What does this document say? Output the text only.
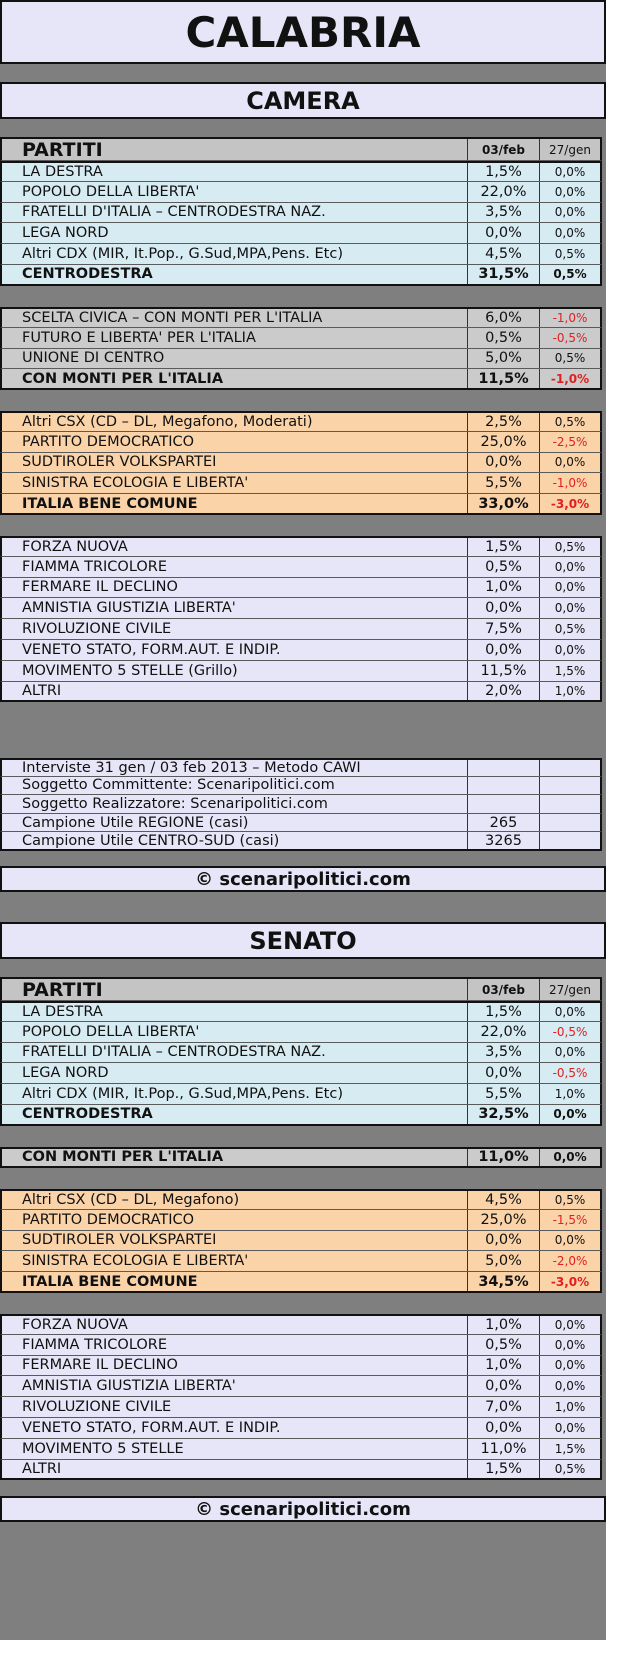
CALABRIA
CAMERA
PARTITI	03/feb	27/gen
LA DESTRA	1,5%	0,0%
POPOLO DELLA LIBERTA'	22,0%	0,0%
FRATELLI D'ITALIA – CENTRODESTRA NAZ.	3,5%	0,0%
LEGA NORD	0,0%	0,0%
Altri CDX (MIR, It.Pop., G.Sud,MPA,Pens. Etc)	4,5%	0,5%
CENTRODESTRA	31,5%	0,5%
SCELTA CIVICA – CON MONTI PER L'ITALIA	6,0%	-1,0%
FUTURO E LIBERTA' PER L'ITALIA	0,5%	-0,5%
UNIONE DI CENTRO	5,0%	0,5%
CON MONTI PER L'ITALIA	11,5%	-1,0%
Altri CSX (CD – DL, Megafono, Moderati)	2,5%	0,5%
PARTITO DEMOCRATICO	25,0%	-2,5%
SUDTIROLER VOLKSPARTEI	0,0%	0,0%
SINISTRA ECOLOGIA E LIBERTA'	5,5%	-1,0%
ITALIA BENE COMUNE	33,0%	-3,0%
FORZA NUOVA	1,5%	0,5%
FIAMMA TRICOLORE	0,5%	0,0%
FERMARE IL DECLINO	1,0%	0,0%
AMNISTIA GIUSTIZIA LIBERTA'	0,0%	0,0%
RIVOLUZIONE CIVILE	7,5%	0,5%
VENETO STATO, FORM.AUT. E INDIP.	0,0%	0,0%
MOVIMENTO 5 STELLE (Grillo)	11,5%	1,5%
ALTRI	2,0%	1,0%
Interviste 31 gen / 03 feb 2013 – Metodo CAWI
Soggetto Committente: Scenaripolitici.com
Soggetto Realizzatore: Scenaripolitici.com
Campione Utile REGIONE (casi)	265
Campione Utile CENTRO-SUD (casi)	3265
© scenaripolitici.com
SENATO
PARTITI	03/feb	27/gen
LA DESTRA	1,5%	0,0%
POPOLO DELLA LIBERTA'	22,0%	-0,5%
FRATELLI D'ITALIA – CENTRODESTRA NAZ.	3,5%	0,0%
LEGA NORD	0,0%	-0,5%
Altri CDX (MIR, It.Pop., G.Sud,MPA,Pens. Etc)	5,5%	1,0%
CENTRODESTRA	32,5%	0,0%
CON MONTI PER L'ITALIA	11,0%	0,0%
Altri CSX (CD – DL, Megafono)	4,5%	0,5%
PARTITO DEMOCRATICO	25,0%	-1,5%
SUDTIROLER VOLKSPARTEI	0,0%	0,0%
SINISTRA ECOLOGIA E LIBERTA'	5,0%	-2,0%
ITALIA BENE COMUNE	34,5%	-3,0%
FORZA NUOVA	1,0%	0,0%
FIAMMA TRICOLORE	0,5%	0,0%
FERMARE IL DECLINO	1,0%	0,0%
AMNISTIA GIUSTIZIA LIBERTA'	0,0%	0,0%
RIVOLUZIONE CIVILE	7,0%	1,0%
VENETO STATO, FORM.AUT. E INDIP.	0,0%	0,0%
MOVIMENTO 5 STELLE	11,0%	1,5%
ALTRI	1,5%	0,5%
© scenaripolitici.com
